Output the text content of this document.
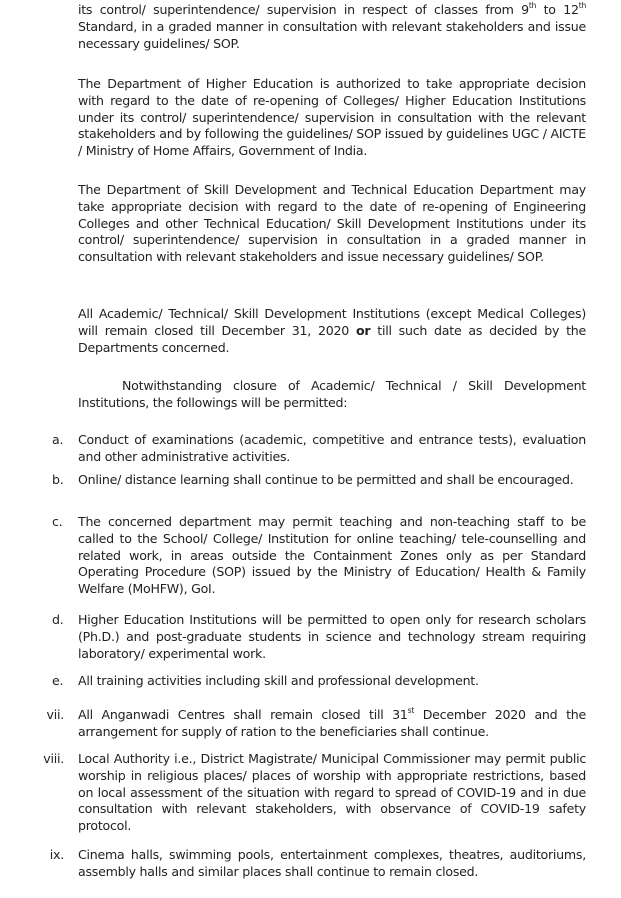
its control/ superintendence/ supervision in respect of classes from 9th to 12th Standard, in a graded manner in consultation with relevant stakeholders and issue necessary guidelines/ SOP.

The Department of Higher Education is authorized to take appropriate decision with regard to the date of re-opening of Colleges/ Higher Education Institutions under its control/ superintendence/ supervision in consultation with the relevant stakeholders and by following the guidelines/ SOP issued by guidelines UGC / AICTE / Ministry of Home Affairs, Government of India.

The Department of Skill Development and Technical Education Department may take appropriate decision with regard to the date of re-opening of Engineering Colleges and other Technical Education/ Skill Development Institutions under its control/ superintendence/ supervision in consultation in a graded manner in consultation with relevant stakeholders and issue necessary guidelines/ SOP.

All Academic/ Technical/ Skill Development Institutions (except Medical Colleges) will remain closed till December 31, 2020 or till such date as decided by the Departments concerned.

Notwithstanding closure of Academic/ Technical / Skill Development Institutions, the followings will be permitted:

a. Conduct of examinations (academic, competitive and entrance tests), evaluation and other administrative activities.
b. Online/ distance learning shall continue to be permitted and shall be encouraged.
c. The concerned department may permit teaching and non-teaching staff to be called to the School/ College/ Institution for online teaching/ tele-counselling and related work, in areas outside the Containment Zones only as per Standard Operating Procedure (SOP) issued by the Ministry of Education/ Health & Family Welfare (MoHFW), GoI.
d. Higher Education Institutions will be permitted to open only for research scholars (Ph.D.) and post-graduate students in science and technology stream requiring laboratory/ experimental work.
e. All training activities including skill and professional development.
vii. All Anganwadi Centres shall remain closed till 31st December 2020 and the arrangement for supply of ration to the beneficiaries shall continue.
viii. Local Authority i.e., District Magistrate/ Municipal Commissioner may permit public worship in religious places/ places of worship with appropriate restrictions, based on local assessment of the situation with regard to spread of COVID-19 and in due consultation with relevant stakeholders, with observance of COVID-19 safety protocol.
ix. Cinema halls, swimming pools, entertainment complexes, theatres, auditoriums, assembly halls and similar places shall continue to remain closed.
